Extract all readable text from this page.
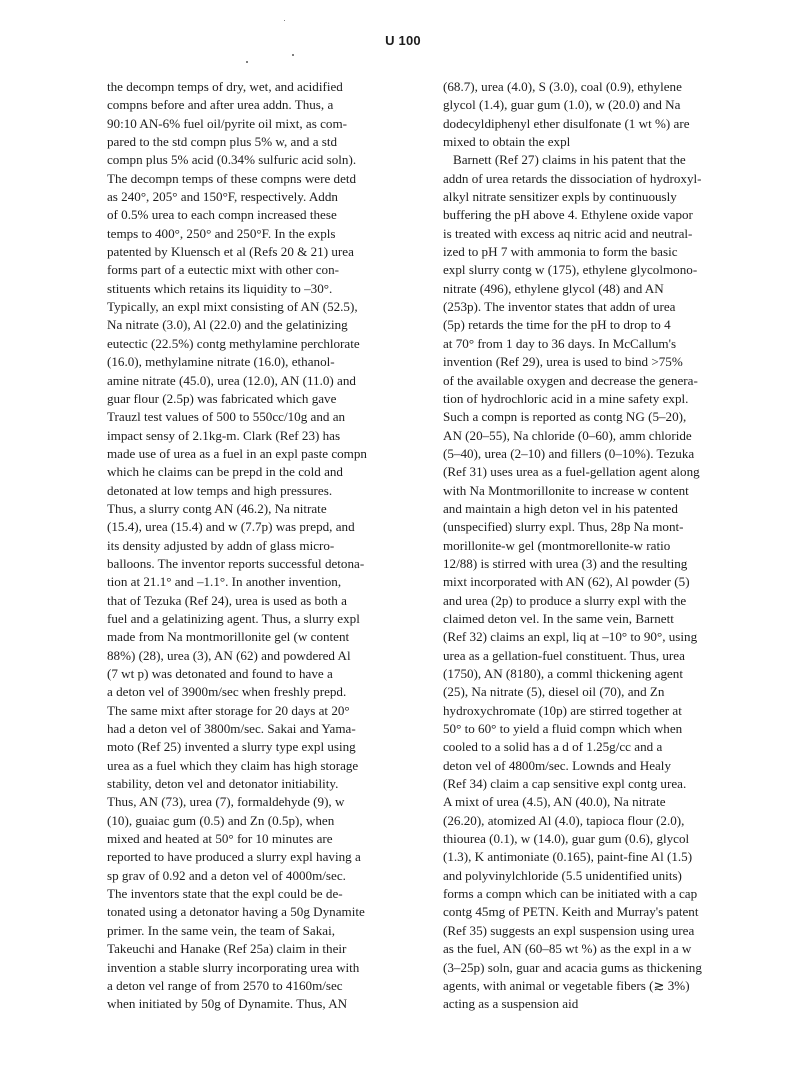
U 100
the decompn temps of dry, wet, and acidified
compns before and after urea addn. Thus, a
90:10 AN-6% fuel oil/pyrite oil mixt, as com-
pared to the std compn plus 5% w, and a std
compn plus 5% acid (0.34% sulfuric acid soln).
The decompn temps of these compns were detd
as 240°, 205° and 150°F, respectively. Addn
of 0.5% urea to each compn increased these
temps to 400°, 250° and 250°F. In the expls
patented by Kluensch et al (Refs 20 & 21) urea
forms part of a eutectic mixt with other con-
stituents which retains its liquidity to –30°.
Typically, an expl mixt consisting of AN (52.5),
Na nitrate (3.0), Al (22.0) and the gelatinizing
eutectic (22.5%) contg methylamine perchlorate
(16.0), methylamine nitrate (16.0), ethanol-
amine nitrate (45.0), urea (12.0), AN (11.0) and
guar flour (2.5p) was fabricated which gave
Trauzl test values of 500 to 550cc/10g and an
impact sensy of 2.1kg-m. Clark (Ref 23) has
made use of urea as a fuel in an expl paste compn
which he claims can be prepd in the cold and
detonated at low temps and high pressures.
Thus, a slurry contg AN (46.2), Na nitrate
(15.4), urea (15.4) and w (7.7p) was prepd, and
its density adjusted by addn of glass micro-
balloons. The inventor reports successful detona-
tion at 21.1° and –1.1°. In another invention,
that of Tezuka (Ref 24), urea is used as both a
fuel and a gelatinizing agent. Thus, a slurry expl
made from Na montmorillonite gel (w content
88%) (28), urea (3), AN (62) and powdered Al
(7 wt p) was detonated and found to have a
a deton vel of 3900m/sec when freshly prepd.
The same mixt after storage for 20 days at 20°
had a deton vel of 3800m/sec. Sakai and Yama-
moto (Ref 25) invented a slurry type expl using
urea as a fuel which they claim has high storage
stability, deton vel and detonator initiability.
Thus, AN (73), urea (7), formaldehyde (9), w
(10), guaiac gum (0.5) and Zn (0.5p), when
mixed and heated at 50° for 10 minutes are
reported to have produced a slurry expl having a
sp grav of 0.92 and a deton vel of 4000m/sec.
The inventors state that the expl could be de-
tonated using a detonator having a 50g Dynamite
primer. In the same vein, the team of Sakai,
Takeuchi and Hanake (Ref 25a) claim in their
invention a stable slurry incorporating urea with
a deton vel range of from 2570 to 4160m/sec
when initiated by 50g of Dynamite. Thus, AN
(68.7), urea (4.0), S (3.0), coal (0.9), ethylene
glycol (1.4), guar gum (1.0), w (20.0) and Na
dodecyldiphenyl ether disulfonate (1 wt %) are
mixed to obtain the expl
Barnett (Ref 27) claims in his patent that the
addn of urea retards the dissociation of hydroxyl-
alkyl nitrate sensitizer expls by continuously
buffering the pH above 4. Ethylene oxide vapor
is treated with excess aq nitric acid and neutral-
ized to pH 7 with ammonia to form the basic
expl slurry contg w (175), ethylene glycolmono-
nitrate (496), ethylene glycol (48) and AN
(253p). The inventor states that addn of urea
(5p) retards the time for the pH to drop to 4
at 70° from 1 day to 36 days. In McCallum's
invention (Ref 29), urea is used to bind >75%
of the available oxygen and decrease the genera-
tion of hydrochloric acid in a mine safety expl.
Such a compn is reported as contg NG (5–20),
AN (20–55), Na chloride (0–60), amm chloride
(5–40), urea (2–10) and fillers (0–10%). Tezuka
(Ref 31) uses urea as a fuel-gellation agent along
with Na Montmorillonite to increase w content
and maintain a high deton vel in his patented
(unspecified) slurry expl. Thus, 28p Na mont-
morillonite-w gel (montmorellonite-w ratio
12/88) is stirred with urea (3) and the resulting
mixt incorporated with AN (62), Al powder (5)
and urea (2p) to produce a slurry expl with the
claimed deton vel. In the same vein, Barnett
(Ref 32) claims an expl, liq at –10° to 90°, using
urea as a gellation-fuel constituent. Thus, urea
(1750), AN (8180), a comml thickening agent
(25), Na nitrate (5), diesel oil (70), and Zn
hydroxychromate (10p) are stirred together at
50° to 60° to yield a fluid compn which when
cooled to a solid has a d of 1.25g/cc and a
deton vel of 4800m/sec. Lownds and Healy
(Ref 34) claim a cap sensitive expl contg urea.
A mixt of urea (4.5), AN (40.0), Na nitrate
(26.20), atomized Al (4.0), tapioca flour (2.0),
thiourea (0.1), w (14.0), guar gum (0.6), glycol
(1.3), K antimoniate (0.165), paint-fine Al (1.5)
and polyvinylchloride (5.5 unidentified units)
forms a compn which can be initiated with a cap
contg 45mg of PETN. Keith and Murray's patent
(Ref 35) suggests an expl suspension using urea
as the fuel, AN (60–85 wt %) as the expl in a w
(3–25p) soln, guar and acacia gums as thickening
agents, with animal or vegetable fibers (≳ 3%)
acting as a suspension aid
